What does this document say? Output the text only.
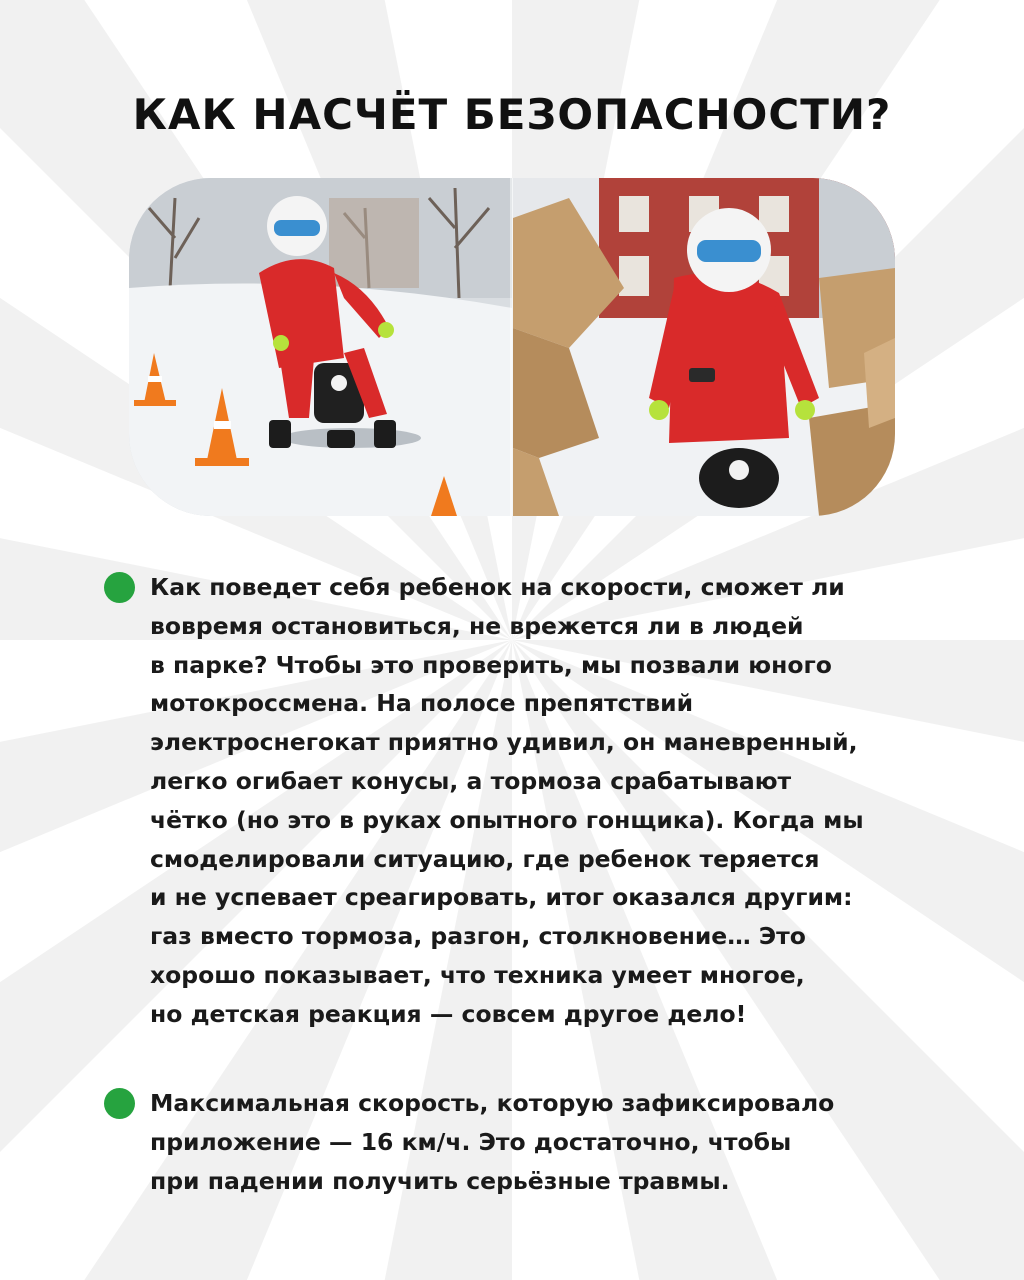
КАК НАСЧЁТ БЕЗОПАСНОСТИ?

Как поведет себя ребенок на скорости, сможет ли
вовремя остановиться, не врежется ли в людей
в парке? Чтобы это проверить, мы позвали юного
мотокроссмена. На полосе препятствий
электроснегокат приятно удивил, он маневренный,
легко огибает конусы, а тормоза срабатывают
чётко (но это в руках опытного гонщика). Когда мы
смоделировали ситуацию, где ребенок теряется
и не успевает среагировать, итог оказался другим:
газ вместо тормоза, разгон, столкновение… Это
хорошо показывает, что техника умеет многое,
но детская реакция — совсем другое дело!

Максимальная скорость, которую зафиксировало
приложение — 16 км/ч. Это достаточно, чтобы
при падении получить серьёзные травмы.
